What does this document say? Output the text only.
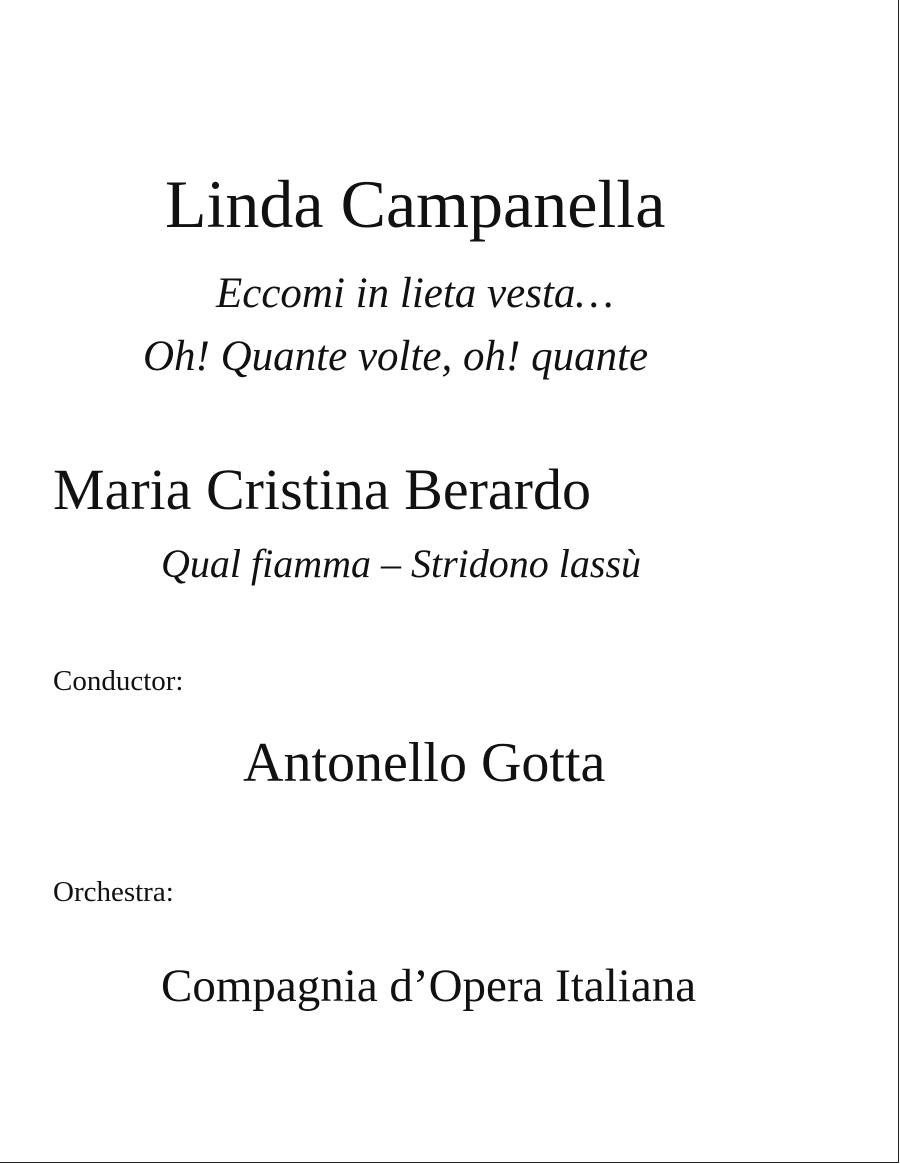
Linda Campanella
Eccomi in lieta vesta…
Oh! Quante volte, oh! quante
Maria Cristina Berardo
Qual fiamma – Stridono lassù
Conductor:
Antonello Gotta
Orchestra:
Compagnia d’Opera Italiana
